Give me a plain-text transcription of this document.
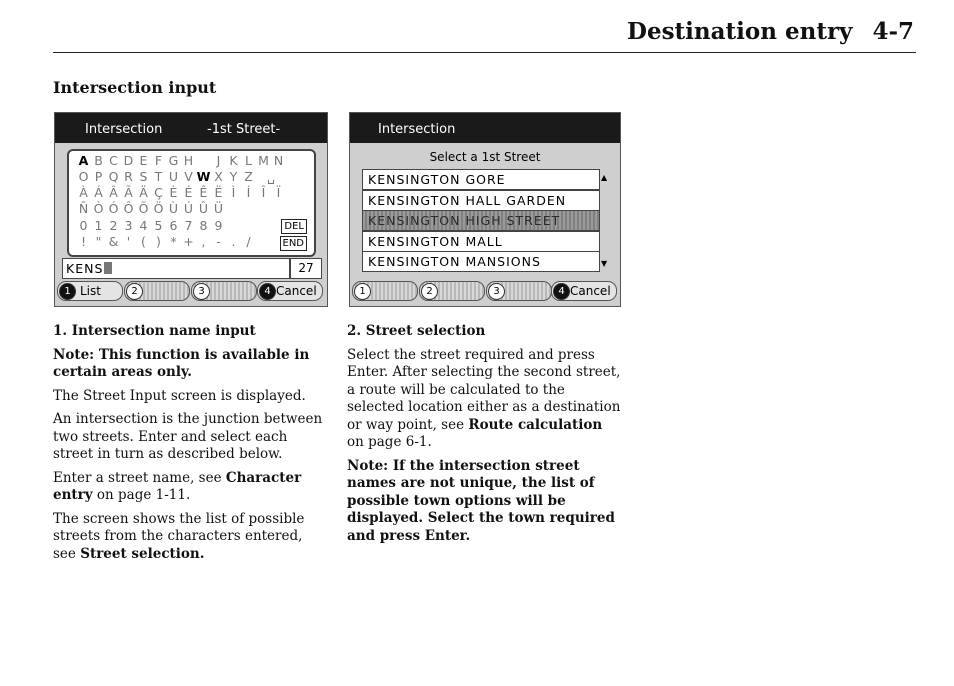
Destination entry 4-7
Intersection input
Intersection	-1st Street-
DEL
END
A B C D E F G H J K L M N
O P Q R S T U V W X Y Z ␣
À Á Â Ã Ä Ç È É Ê Ë Ì Í Î Ï
Ñ Ò Ó Ô Õ Ö Ù Ú Û Ü
0 1 2 3 4 5 6 7 8 9
! " & ' ( ) * + , - . /
KENS	27
1 List	2	3	4 Cancel
Intersection
Select a 1st Street
KENSINGTON GORE
KENSINGTON HALL GARDEN
KENSINGTON HIGH STREET
KENSINGTON MALL
KENSINGTON MANSIONS
▲
▼
1	2	3	4 Cancel

1. Intersection name input

Note: This function is available in certain areas only.

The Street Input screen is displayed.

An intersection is the junction between two streets. Enter and select each street in turn as described below.

Enter a street name, see Character entry on page 1-11.

The screen shows the list of possible streets from the characters entered, see Street selection.

2. Street selection

Select the street required and press Enter. After selecting the second street, a route will be calculated to the selected location either as a destination or way point, see Route calculation on page 6-1.

Note: If the intersection street names are not unique, the list of possible town options will be displayed. Select the town required and press Enter.
